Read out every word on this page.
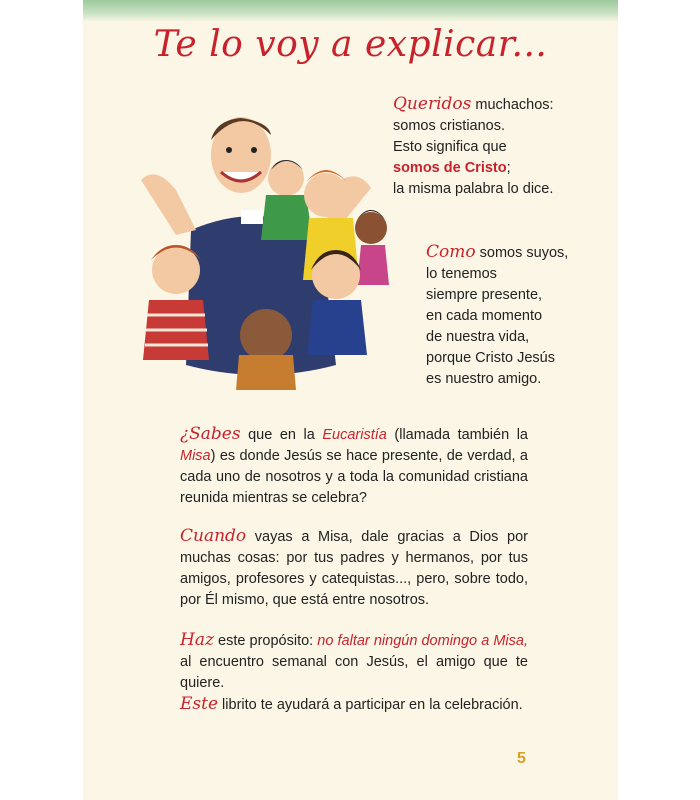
Te lo voy a explicar...
Queridos muchachos:
somos cristianos.
Esto significa que
somos de Cristo;
la misma palabra lo dice.
Como somos suyos,
lo tenemos
siempre presente,
en cada momento
de nuestra vida,
porque Cristo Jesús
es nuestro amigo.
¿Sabes que en la Eucaristía (llamada también la Misa) es donde Jesús se hace presente, de verdad, a cada uno de nosotros y a toda la comunidad cristiana reunida mientras se celebra?
Cuando vayas a Misa, dale gracias a Dios por muchas cosas: por tus padres y hermanos, por tus amigos, profesores y catequistas..., pero, sobre todo, por Él mismo, que está entre nosotros.
Haz este propósito: no faltar ningún domingo a Misa, al encuentro semanal con Jesús, el amigo que te quiere.
Este librito te ayudará a participar en la celebración.
5
